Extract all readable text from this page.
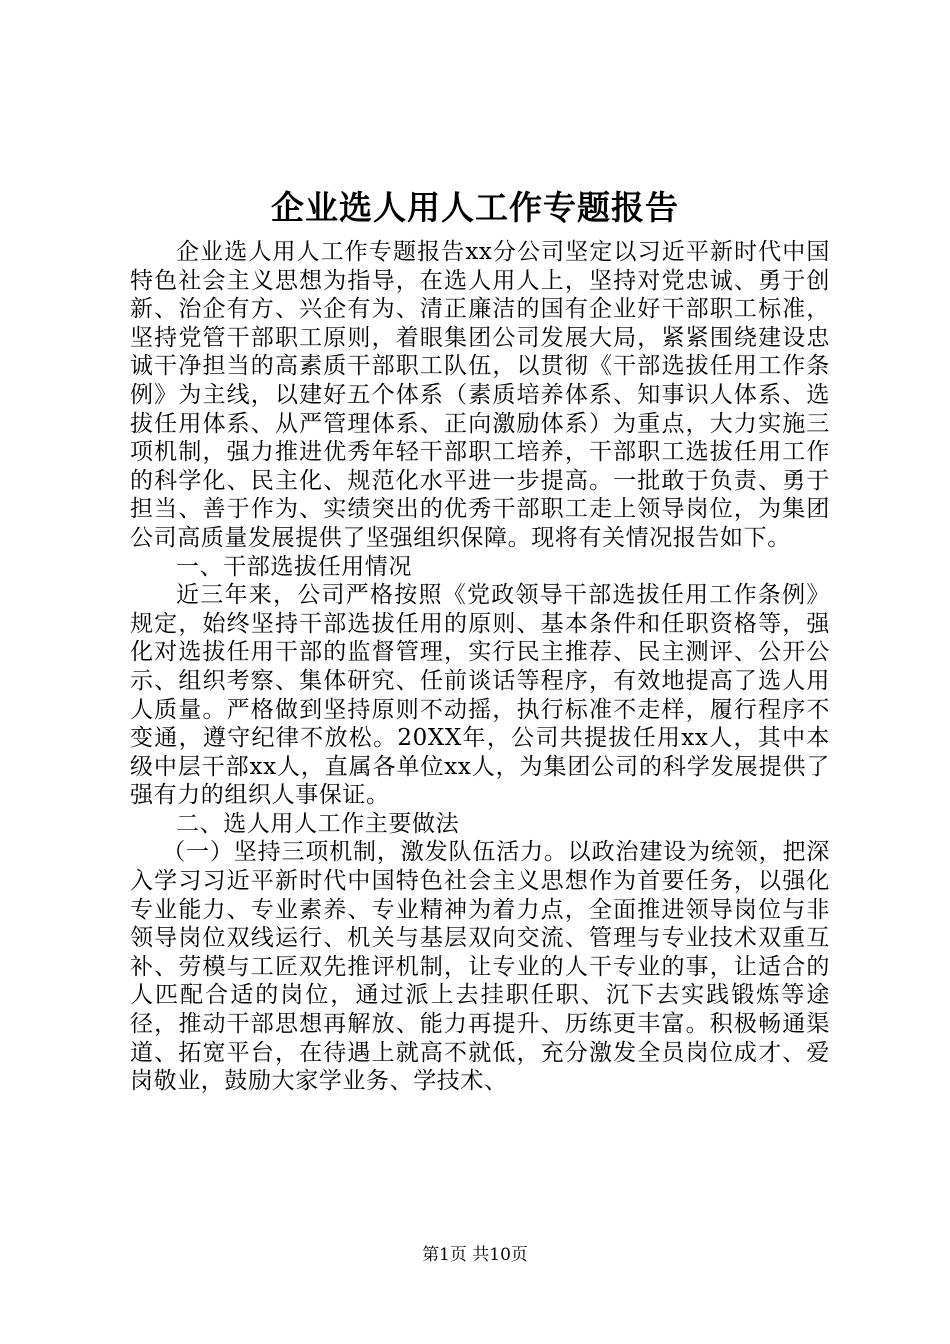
企业选人用人工作专题报告

企业选人用人工作专题报告xx分公司坚定以习近平新时代中国特色社会主义思想为指导，在选人用人上，坚持对党忠诚、勇于创新、治企有方、兴企有为、清正廉洁的国有企业好干部职工标准，坚持党管干部职工原则，着眼集团公司发展大局，紧紧围绕建设忠诚干净担当的高素质干部职工队伍，以贯彻《干部选拔任用工作条例》为主线，以建好五个体系（素质培养体系、知事识人体系、选拔任用体系、从严管理体系、正向激励体系）为重点，大力实施三项机制，强力推进优秀年轻干部职工培养，干部职工选拔任用工作的科学化、民主化、规范化水平进一步提高。一批敢于负责、勇于担当、善于作为、实绩突出的优秀干部职工走上领导岗位，为集团公司高质量发展提供了坚强组织保障。现将有关情况报告如下。

一、干部选拔任用情况

近三年来，公司严格按照《党政领导干部选拔任用工作条例》规定，始终坚持干部选拔任用的原则、基本条件和任职资格等，强化对选拔任用干部的监督管理，实行民主推荐、民主测评、公开公示、组织考察、集体研究、任前谈话等程序，有效地提高了选人用人质量。严格做到坚持原则不动摇，执行标准不走样，履行程序不变通，遵守纪律不放松。20XX年，公司共提拔任用xx人，其中本级中层干部xx人，直属各单位xx人，为集团公司的科学发展提供了强有力的组织人事保证。

二、选人用人工作主要做法

（一）坚持三项机制，激发队伍活力。以政治建设为统领，把深入学习习近平新时代中国特色社会主义思想作为首要任务，以强化专业能力、专业素养、专业精神为着力点，全面推进领导岗位与非领导岗位双线运行、机关与基层双向交流、管理与专业技术双重互补、劳模与工匠双先推评机制，让专业的人干专业的事，让适合的人匹配合适的岗位，通过派上去挂职任职、沉下去实践锻炼等途径，推动干部思想再解放、能力再提升、历练更丰富。积极畅通渠道、拓宽平台，在待遇上就高不就低，充分激发全员岗位成才、爱岗敬业，鼓励大家学业务、学技术、

第1页 共10页
